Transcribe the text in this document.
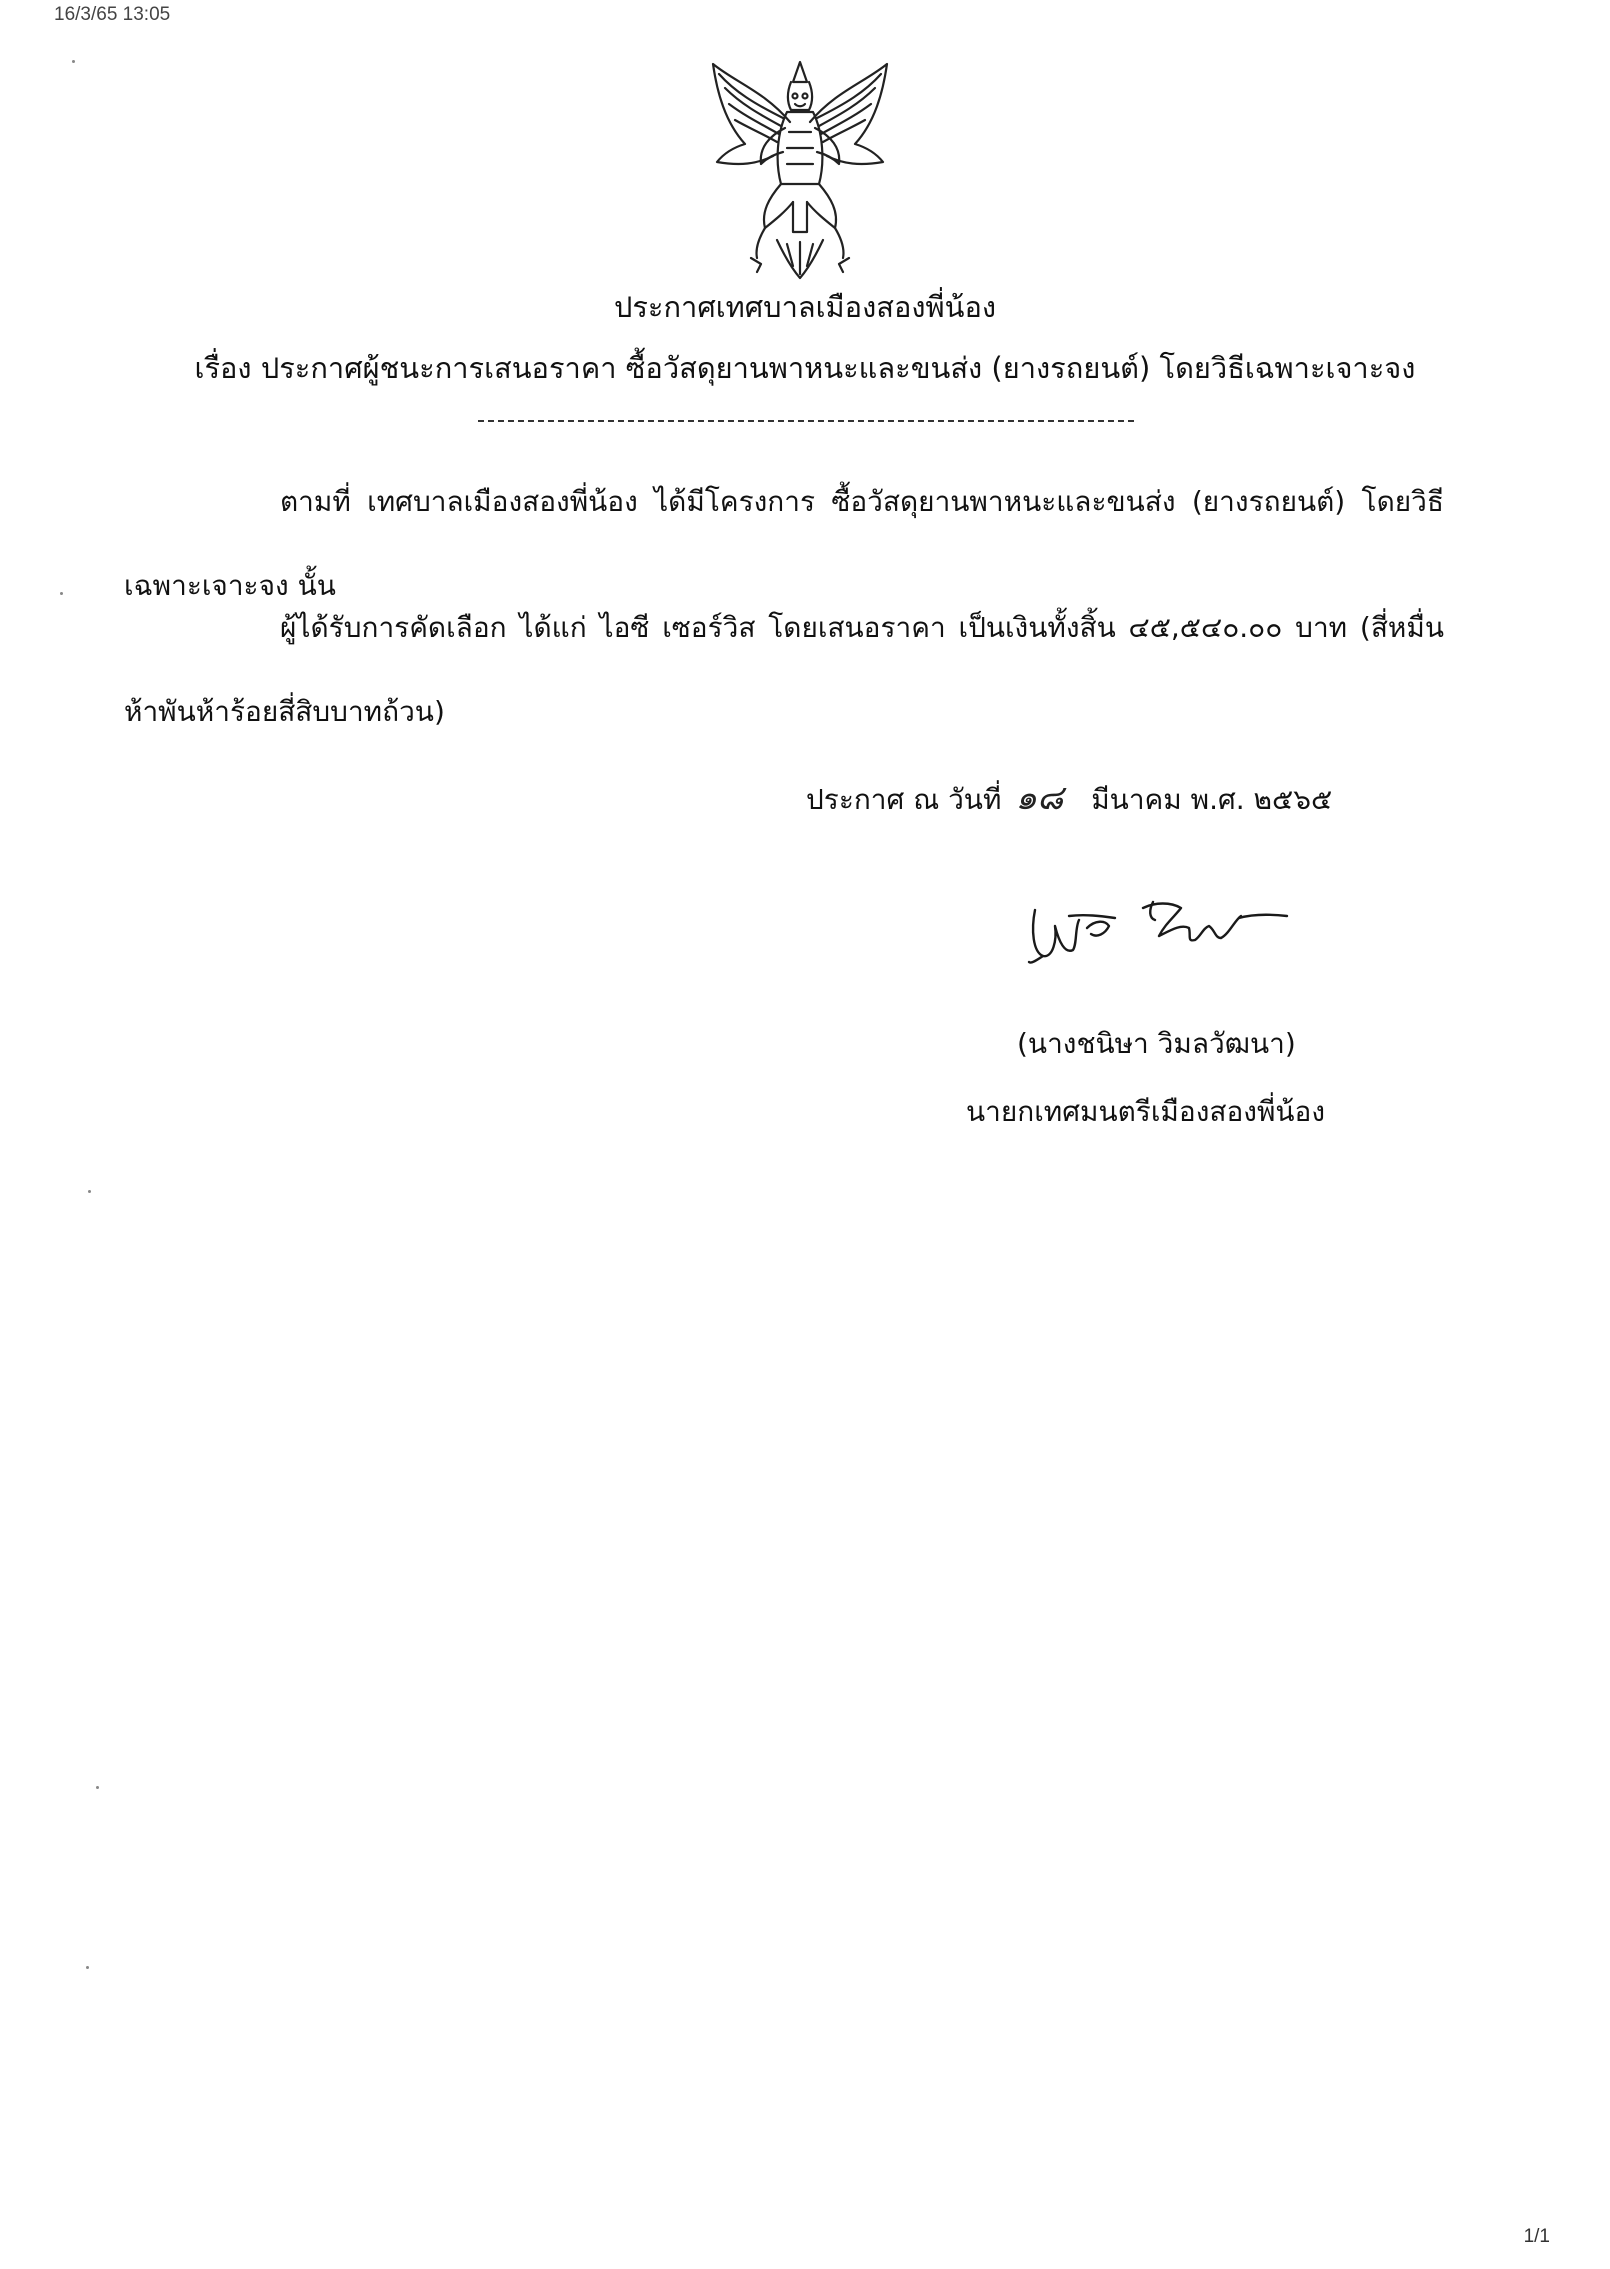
16/3/65 13:05
ประกาศเทศบาลเมืองสองพี่น้อง
เรื่อง ประกาศผู้ชนะการเสนอราคา ซื้อวัสดุยานพาหนะและขนส่ง (ยางรถยนต์) โดยวิธีเฉพาะเจาะจง
ตามที่ เทศบาลเมืองสองพี่น้อง ได้มีโครงการ ซื้อวัสดุยานพาหนะและขนส่ง (ยางรถยนต์) โดยวิธีเฉพาะเจาะจง นั้น
ผู้ได้รับการคัดเลือก ได้แก่ ไอซี เซอร์วิส โดยเสนอราคา เป็นเงินทั้งสิ้น ๔๕,๕๔๐.๐๐ บาท (สี่หมื่นห้าพันห้าร้อยสี่สิบบาทถ้วน)
ประกาศ ณ วันที่ ๑๘ มีนาคม พ.ศ. ๒๕๖๕
(นางชนิษา วิมลวัฒนา)
นายกเทศมนตรีเมืองสองพี่น้อง
1/1
